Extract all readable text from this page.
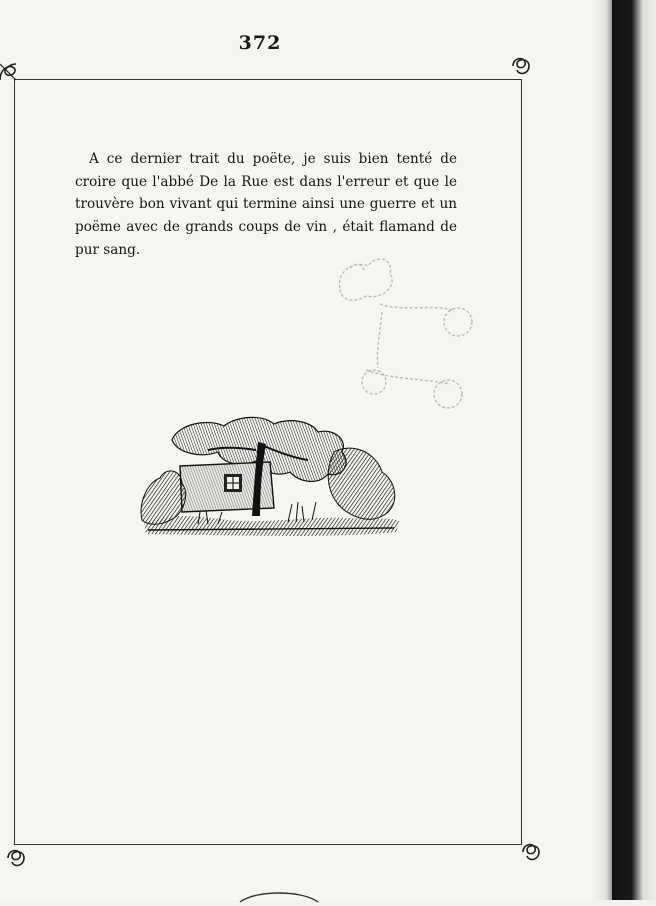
372

A ce dernier trait du poëte, je suis bien tenté de croire que l'abbé De la Rue est dans l'erreur et que le trouvère bon vivant qui termine ainsi une guerre et un poëme avec de grands coups de vin , était flamand de pur sang.
